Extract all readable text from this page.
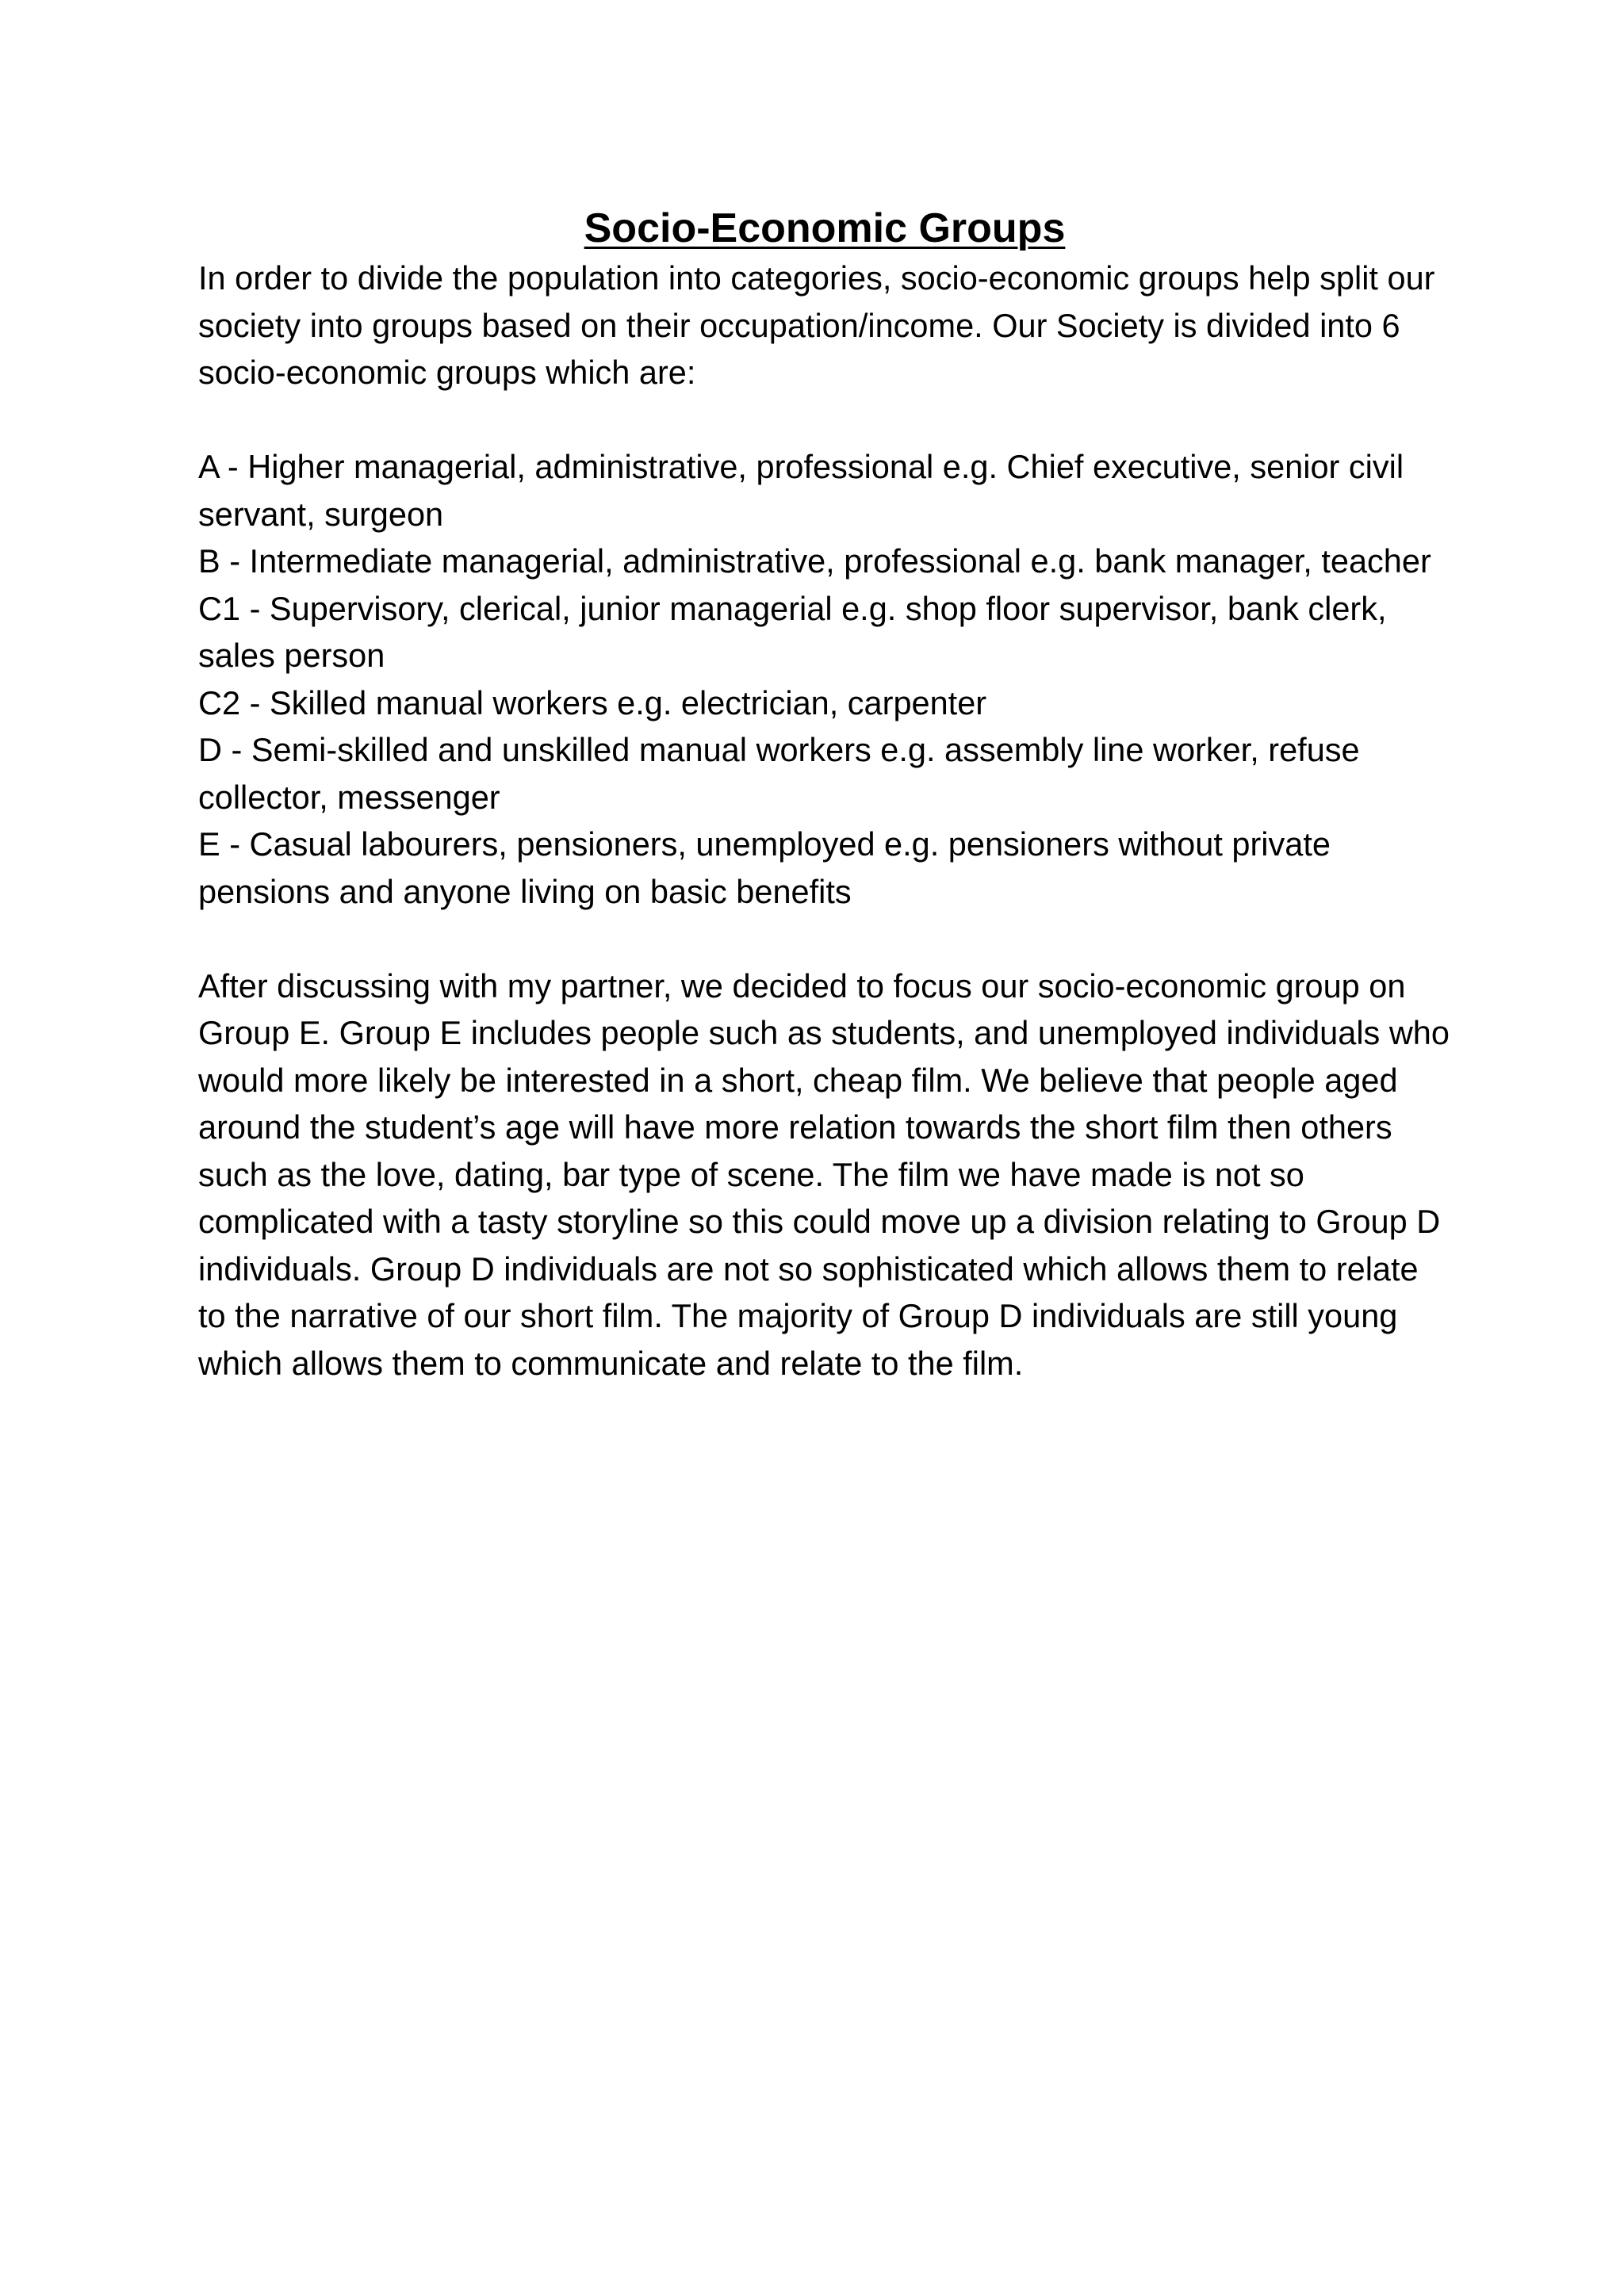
Socio-Economic Groups

In order to divide the population into categories, socio-economic groups help split our society into groups based on their occupation/income. Our Society is divided into 6 socio-economic groups which are:

A - Higher managerial, administrative, professional e.g. Chief executive, senior civil servant, surgeon

B - Intermediate managerial, administrative, professional e.g. bank manager, teacher

C1 - Supervisory, clerical, junior managerial e.g. shop floor supervisor, bank clerk, sales person

C2 - Skilled manual workers e.g. electrician, carpenter

D - Semi-skilled and unskilled manual workers e.g. assembly line worker, refuse collector, messenger

E - Casual labourers, pensioners, unemployed e.g. pensioners without private pensions and anyone living on basic benefits

After discussing with my partner, we decided to focus our socio-economic group on Group E. Group E includes people such as students, and unemployed individuals who would more likely be interested in a short, cheap film. We believe that people aged around the student’s age will have more relation towards the short film then others such as the love, dating, bar type of scene. The film we have made is not so complicated with a tasty storyline so this could move up a division relating to Group D individuals. Group D individuals are not so sophisticated which allows them to relate to the narrative of our short film. The majority of Group D individuals are still young which allows them to communicate and relate to the film.
